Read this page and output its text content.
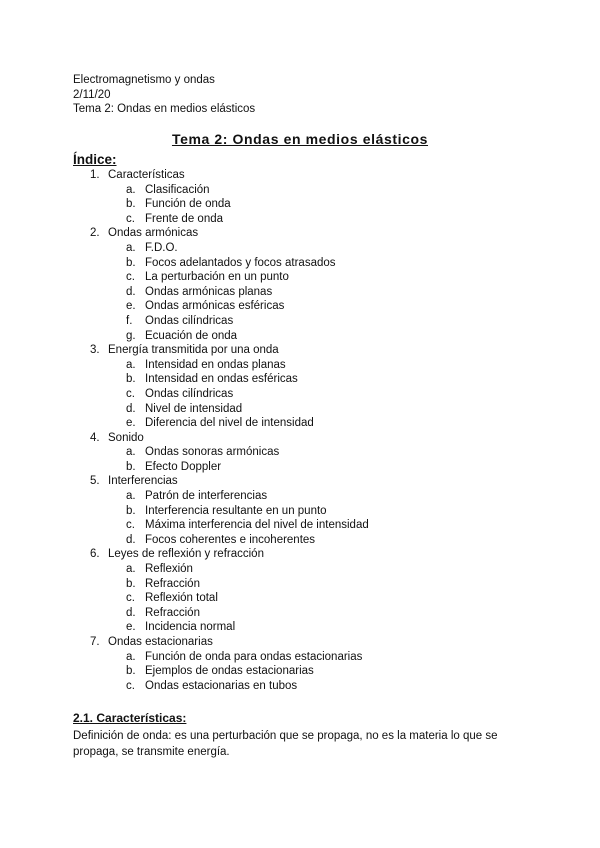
Electromagnetismo y ondas
2/11/20
Tema 2: Ondas en medios elásticos
Tema 2: Ondas en medios elásticos
Índice:
1. Características
a. Clasificación
b. Función de onda
c. Frente de onda
2. Ondas armónicas
a. F.D.O.
b. Focos adelantados y focos atrasados
c. La perturbación en un punto
d. Ondas armónicas planas
e. Ondas armónicas esféricas
f.	Ondas cilíndricas
g. Ecuación de onda
3. Energía transmitida por una onda
a. Intensidad en ondas planas
b. Intensidad en ondas esféricas
c. Ondas cilíndricas
d. Nivel de intensidad
e. Diferencia del nivel de intensidad
4. Sonido
a. Ondas sonoras armónicas
b. Efecto Doppler
5. Interferencias
a. Patrón de interferencias
b. Interferencia resultante en un punto
c. Máxima interferencia del nivel de intensidad
d. Focos coherentes e incoherentes
6. Leyes de reflexión y refracción
a. Reflexión
b. Refracción
c. Reflexión total
d. Refracción
e. Incidencia normal
7. Ondas estacionarias
a. Función de onda para ondas estacionarias
b. Ejemplos de ondas estacionarias
c. Ondas estacionarias en tubos
2.1. Características:
Definición de onda: es una perturbación que se propaga, no es la materia lo que se propaga, se transmite energía.
